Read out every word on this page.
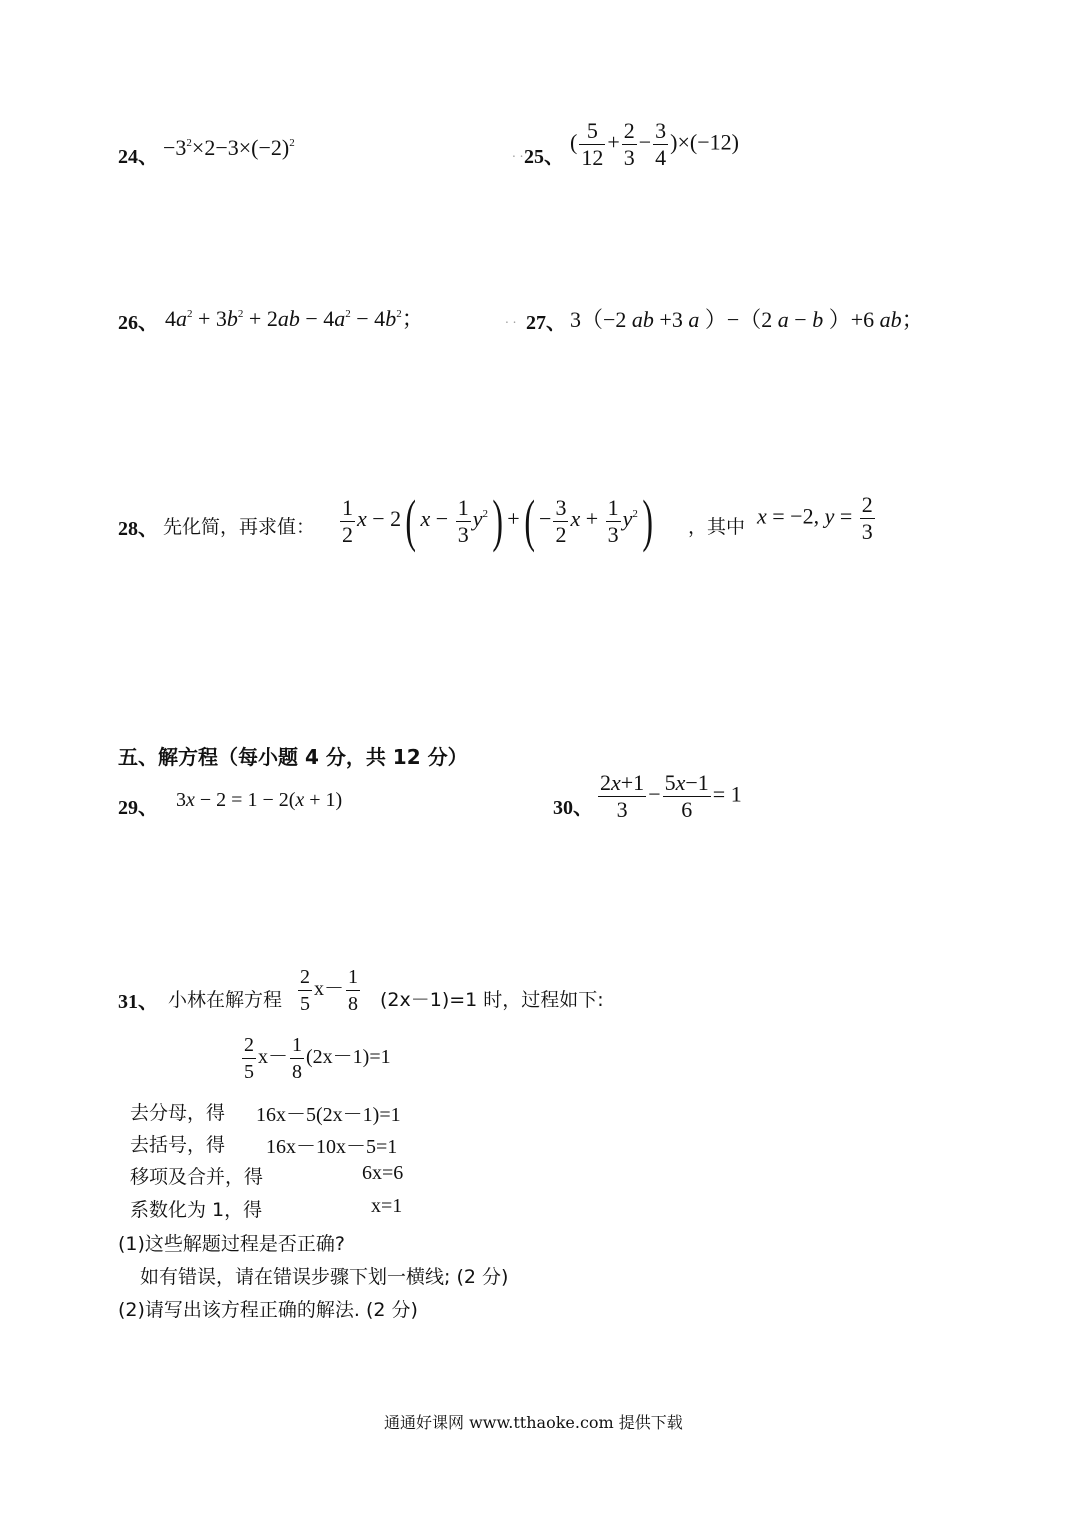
24、 $-3^2\times 2-3\times(-2)^2$
. . 25、
( $\frac{5}{12} + \frac{2}{3} - \frac{3}{4} )\times(-12)$
26、 $4a^2 + 3b^2 + 2ab - 4a^2 - 4b^2$；	. . 27、 3（−2 ab +3 a ）−（2 a − b ）+6 ab；
28、 先化简，再求值： $\frac{1}{2}$ x − 2( $x - \frac{1}{3} y^2$) +( − $\frac{3}{2}$ $x + \frac{1}{3} y^2$) ，其中 x = −2, $y = \frac{2}{3}$
五、解方程（每小题 4 分，共 12 分）
29、 3x − 2 = 1 − 2(x + 1)	30、 $\frac{2x+1}{3} - \frac{5x-1}{6} = 1$
31、 小林在解方程 $\frac{2}{5} x- \frac{1}{8} (2x-1)=1$ 时，过程如下:
$\frac{2}{5} x- \frac{1}{8} (2x-1)=1$
去分母，得 16x－5(2x－1)=1
去括号，得 16x－10x－5=1
移项及合并，得	6x=6
系数化为 1，得	x=1
(1)这些解题过程是否正确?
如有错误，请在错误步骤下划一横线; (2 分)
(2)请写出该方程正确的解法. (2 分)
通通好课网 www.tthaoke.com 提供下载
